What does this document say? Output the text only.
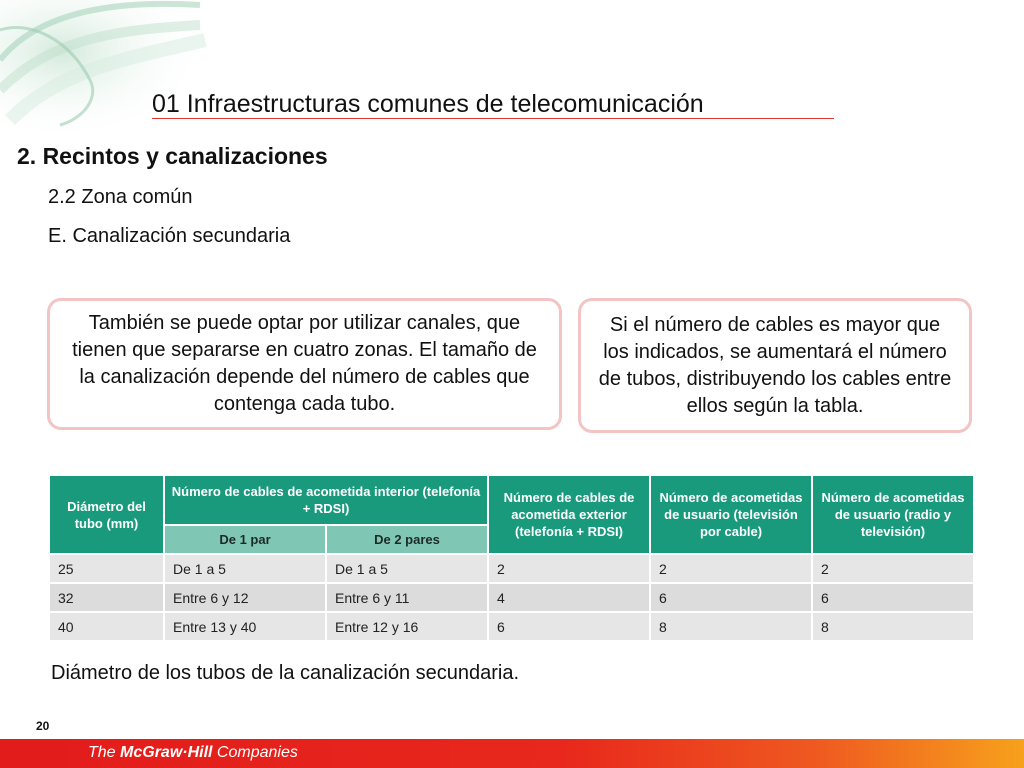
01 Infraestructuras comunes de telecomunicación
2. Recintos y canalizaciones
2.2 Zona común
E. Canalización secundaria
También se puede optar por utilizar canales, que tienen que separarse en cuatro zonas. El tamaño de la canalización depende del número de cables que contenga cada tubo.
Si el número de cables es mayor que los indicados, se aumentará el número de tubos, distribuyendo los cables entre ellos según la tabla.
Diámetro del tubo (mm)	Número de cables de acometida interior (telefonía + RDSI)		Número de cables de acometida exterior (telefonía + RDSI)	Número de acometidas de usuario (televisión por cable)	Número de acometidas de usuario (radio y televisión)
	De 1 par	De 2 pares			
25	De 1 a 5	De 1 a 5	2	2	2
32	Entre 6 y 12	Entre 6 y 11	4	6	6
40	Entre 13 y 40	Entre 12 y 16	6	8	8
Diámetro de los tubos de la canalización secundaria.
20
The McGraw·Hill Companies
